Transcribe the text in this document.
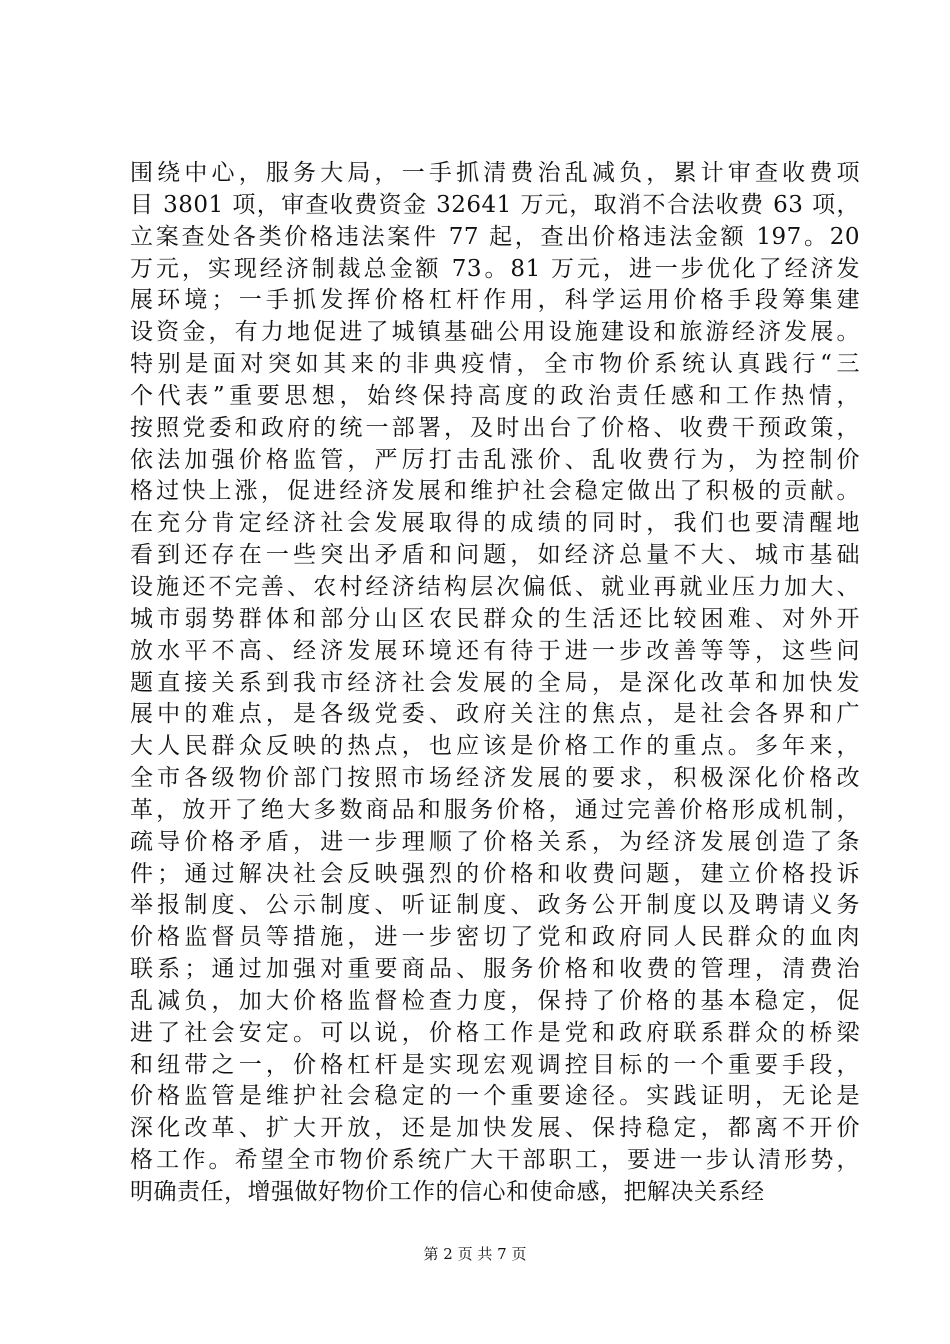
围绕中心，服务大局，一手抓清费治乱减负，累计审查收费项
目 3801 项，审查收费资金 32641 万元，取消不合法收费 63 项，
立案查处各类价格违法案件 77 起，查出价格违法金额 197。20
万元，实现经济制裁总金额 73。81 万元，进一步优化了经济发
展环境；一手抓发挥价格杠杆作用，科学运用价格手段筹集建
设资金，有力地促进了城镇基础公用设施建设和旅游经济发展。
特别是面对突如其来的非典疫情，全市物价系统认真践行“三
个代表”重要思想，始终保持高度的政治责任感和工作热情，
按照党委和政府的统一部署，及时出台了价格、收费干预政策，
依法加强价格监管，严厉打击乱涨价、乱收费行为，为控制价
格过快上涨，促进经济发展和维护社会稳定做出了积极的贡献。
在充分肯定经济社会发展取得的成绩的同时，我们也要清醒地
看到还存在一些突出矛盾和问题，如经济总量不大、城市基础
设施还不完善、农村经济结构层次偏低、就业再就业压力加大、
城市弱势群体和部分山区农民群众的生活还比较困难、对外开
放水平不高、经济发展环境还有待于进一步改善等等，这些问
题直接关系到我市经济社会发展的全局，是深化改革和加快发
展中的难点，是各级党委、政府关注的焦点，是社会各界和广
大人民群众反映的热点，也应该是价格工作的重点。多年来，
全市各级物价部门按照市场经济发展的要求，积极深化价格改
革，放开了绝大多数商品和服务价格，通过完善价格形成机制，
疏导价格矛盾，进一步理顺了价格关系，为经济发展创造了条
件；通过解决社会反映强烈的价格和收费问题，建立价格投诉
举报制度、公示制度、听证制度、政务公开制度以及聘请义务
价格监督员等措施，进一步密切了党和政府同人民群众的血肉
联系；通过加强对重要商品、服务价格和收费的管理，清费治
乱减负，加大价格监督检查力度，保持了价格的基本稳定，促
进了社会安定。可以说，价格工作是党和政府联系群众的桥梁
和纽带之一，价格杠杆是实现宏观调控目标的一个重要手段，
价格监管是维护社会稳定的一个重要途径。实践证明，无论是
深化改革、扩大开放，还是加快发展、保持稳定，都离不开价
格工作。希望全市物价系统广大干部职工，要进一步认清形势，
明确责任，增强做好物价工作的信心和使命感，把解决关系经
第 2 页 共 7 页
